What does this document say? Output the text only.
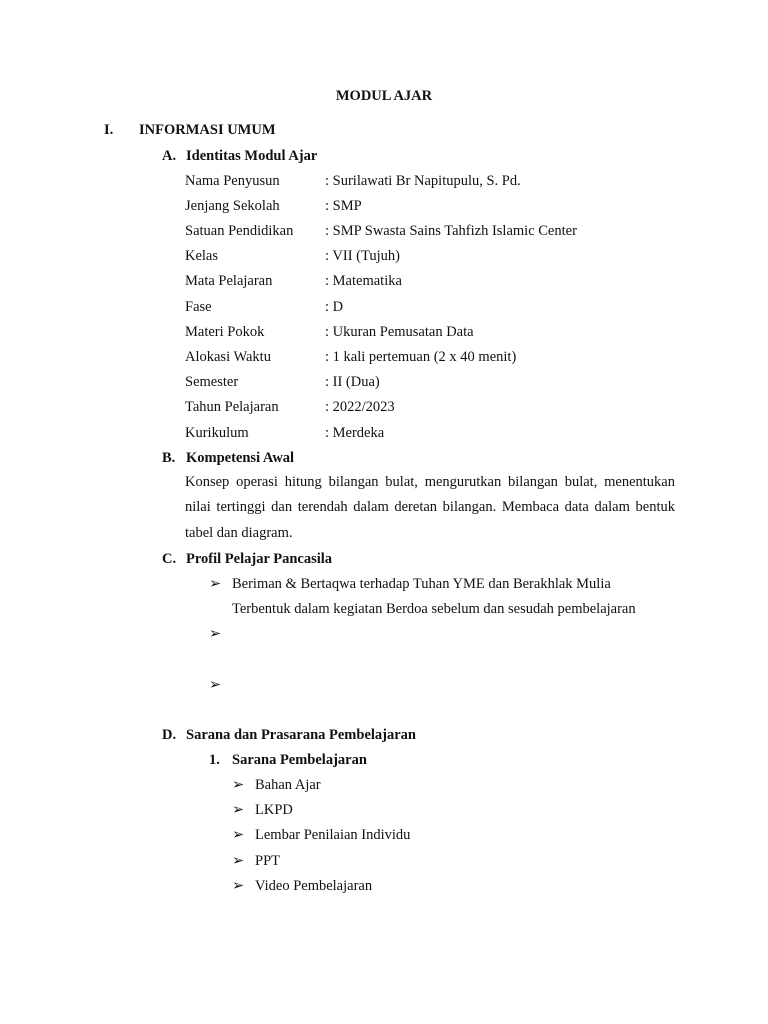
MODUL AJAR
I. INFORMASI UMUM
A. Identitas Modul Ajar
Nama Penyusun	: Surilawati Br Napitupulu, S. Pd.
Jenjang Sekolah	: SMP
Satuan Pendidikan : SMP Swasta Sains Tahfizh Islamic Center
Kelas	: VII (Tujuh)
Mata Pelajaran	: Matematika
Fase	: D
Materi Pokok	: Ukuran Pemusatan Data
Alokasi Waktu	: 1 kali pertemuan (2 x 40 menit)
Semester	: II (Dua)
Tahun Pelajaran	: 2022/2023
Kurikulum	: Merdeka
B. Kompetensi Awal
Konsep operasi hitung bilangan bulat, mengurutkan bilangan bulat, menentukan nilai tertinggi dan terendah dalam deretan bilangan. Membaca data dalam bentuk tabel dan diagram.
C. Profil Pelajar Pancasila
➢ Beriman & Bertaqwa terhadap Tuhan YME dan Berakhlak Mulia
Terbentuk dalam kegiatan Berdoa sebelum dan sesudah pembelajaran
➢
➢
D. Sarana dan Prasarana Pembelajaran
1. Sarana Pembelajaran
➢ Bahan Ajar
➢ LKPD
➢ Lembar Penilaian Individu
➢ PPT
➢ Video Pembelajaran
